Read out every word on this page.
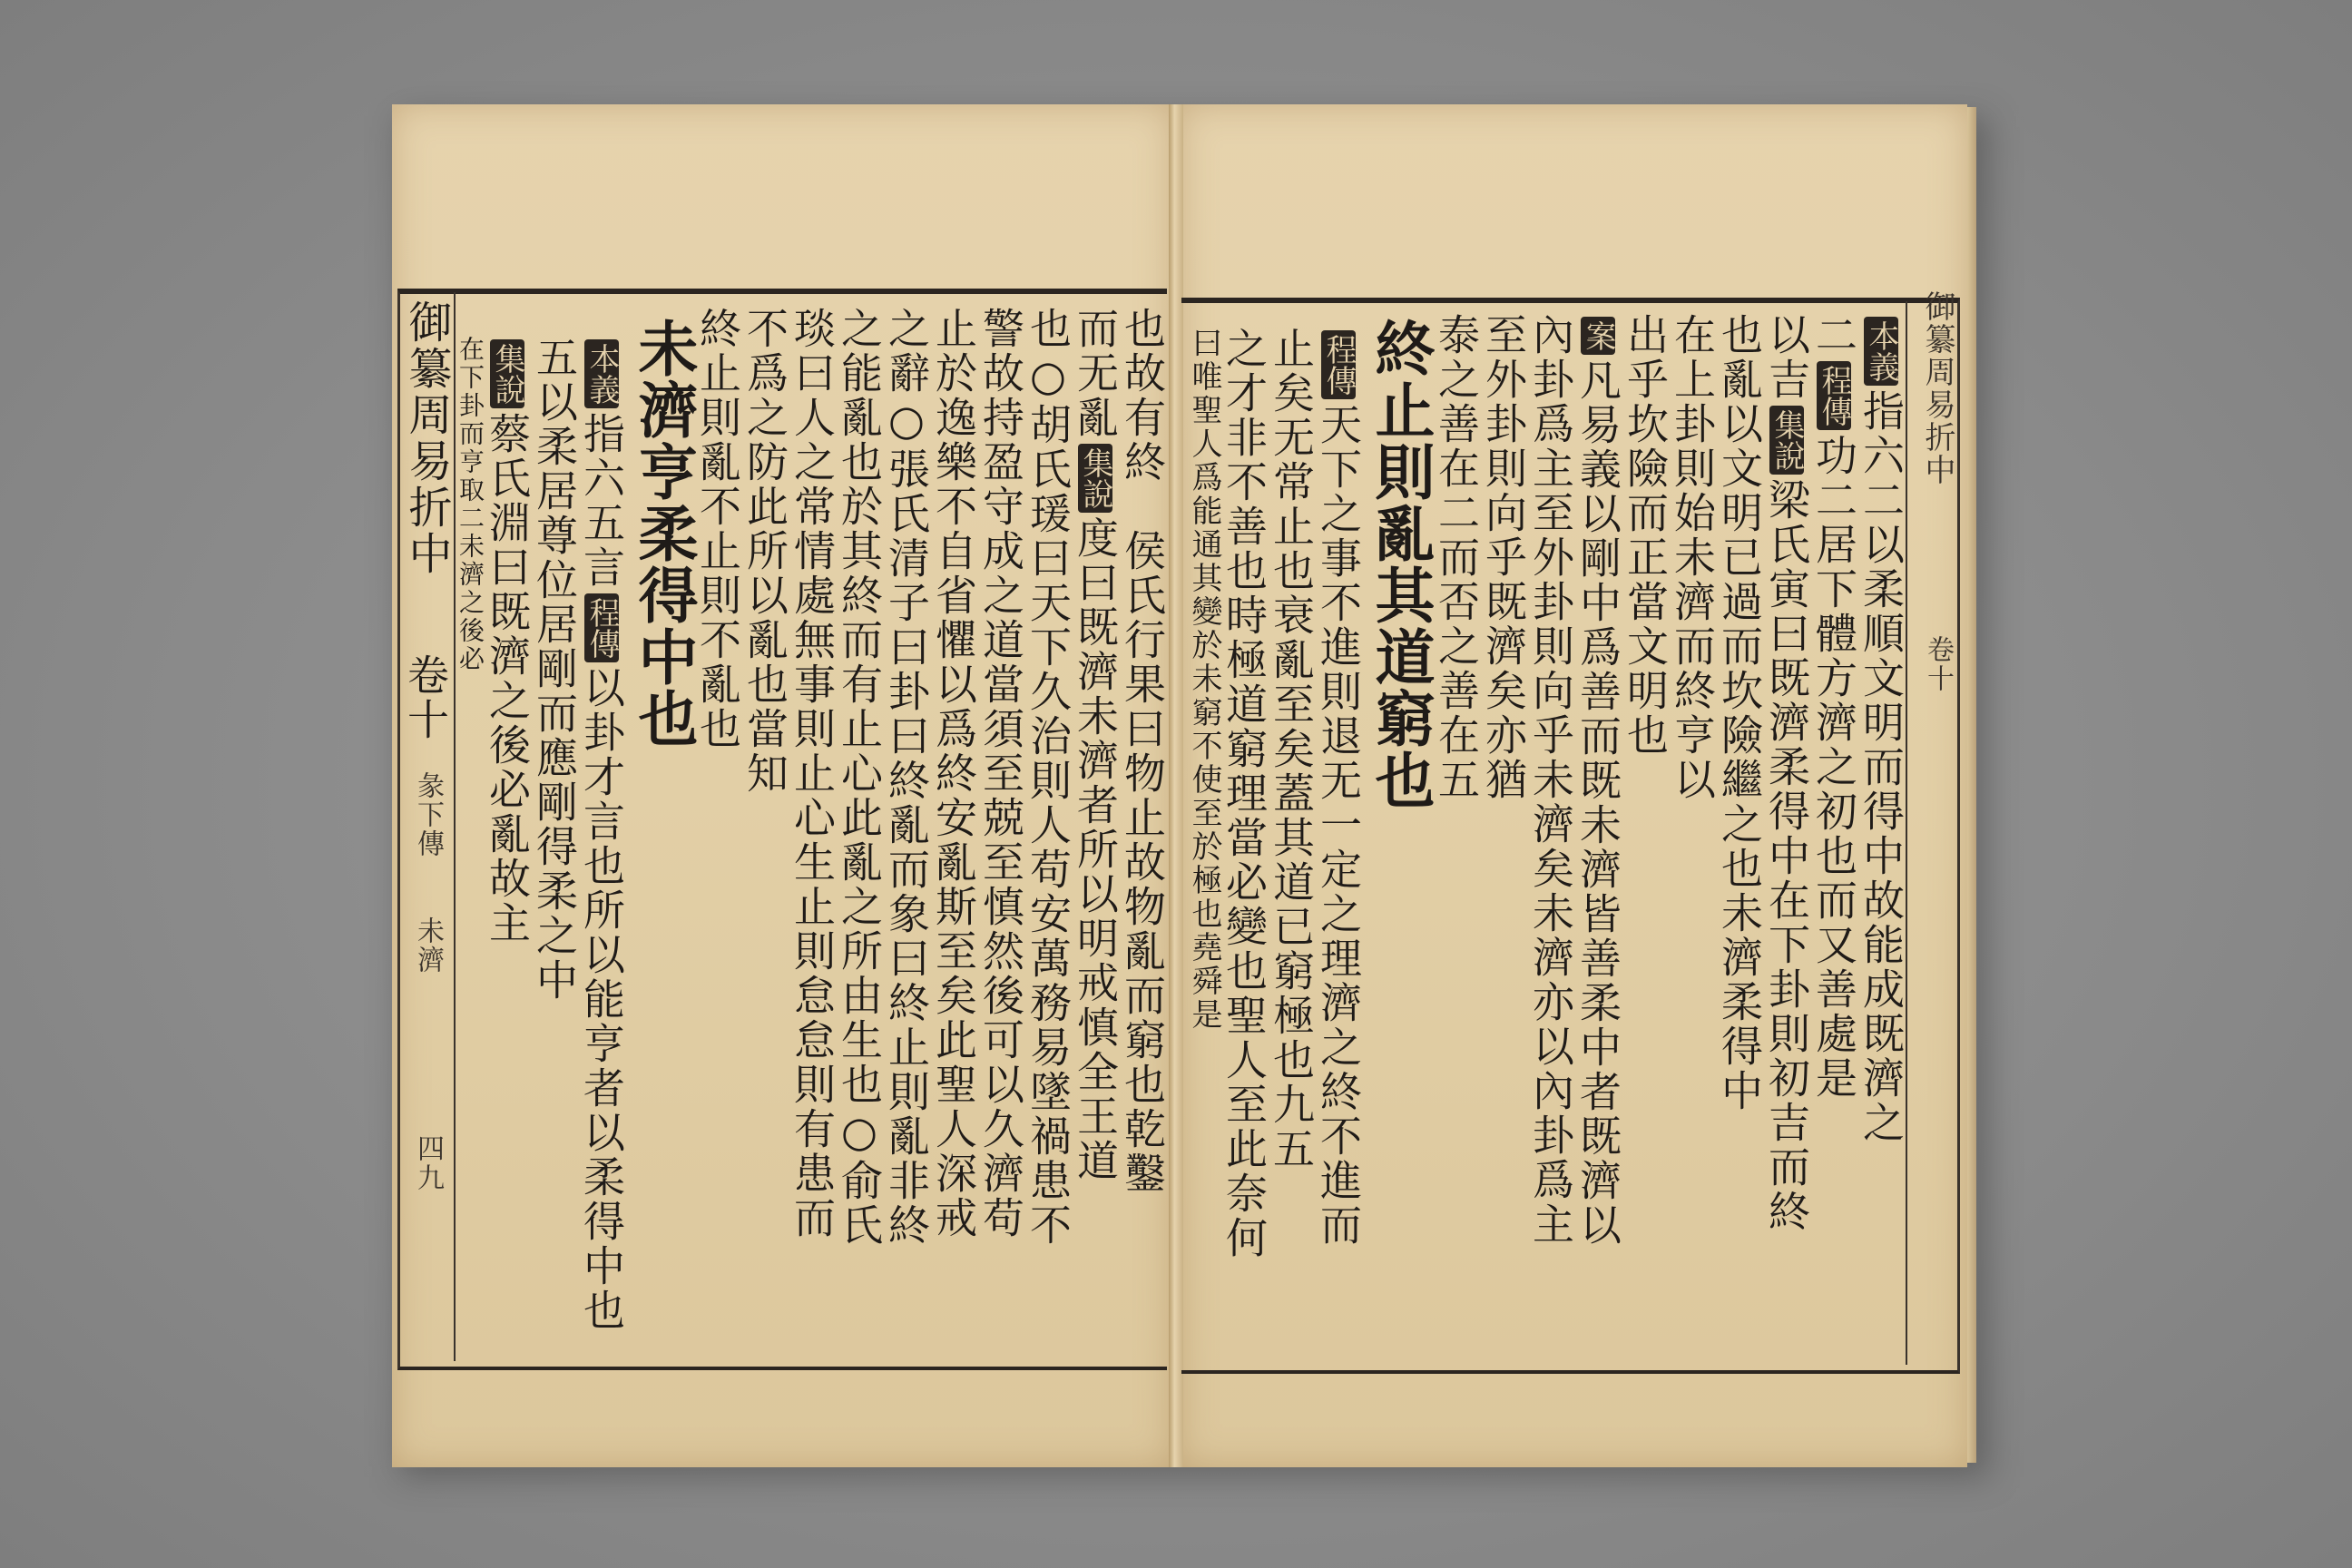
御纂周易折中
卷十
彖下傳
未濟
四九
也故有終　侯氏行果曰物止故物亂而窮也乾鑿
而无亂集說度曰既濟未濟者所以明戒慎全王道
也○胡氏瑗曰天下久治則人苟安萬務易墜禍患不
警故持盈守成之道當須至兢至慎然後可以久濟苟
止於逸樂不自省懼以爲終安亂斯至矣此聖人深戒
之辭○張氏清子曰卦曰終亂而象曰終止則亂非終
之能亂也於其終而有止心此亂之所由生也○俞氏
琰曰人之常情處無事則止心生止則怠怠則有患而
不爲之防此所以亂也當知
終止則亂不止則不亂也
未濟亨柔得中也
本義指六五言程傳以卦才言也所以能亨者以柔得中也
五以柔居尊位居剛而應剛得柔之中
集說蔡氏淵曰既濟之後必亂故主
在下卦而亨取二未濟之後必	御纂周易折中
卷十
本義指六二以柔順文明而得中故能成既濟之
二程傳功二居下體方濟之初也而又善處是
以吉集說梁氏寅曰既濟柔得中在下卦則初吉而終
也亂以文明已過而坎險繼之也未濟柔得中
在上卦則始未濟而終亨以
出乎坎險而正當文明也
案凡易義以剛中爲善而既未濟皆善柔中者既濟以
內卦爲主至外卦則向乎未濟矣未濟亦以內卦爲主
至外卦則向乎既濟矣亦猶
泰之善在二而否之善在五
終止則亂其道窮也
程傳天下之事不進則退无一定之理濟之終不進而
止矣无常止也衰亂至矣蓋其道已窮極也九五
之才非不善也時極道窮理當必變也聖人至此奈何
曰唯聖人爲能通其變於未窮不使至於極也堯舜是
